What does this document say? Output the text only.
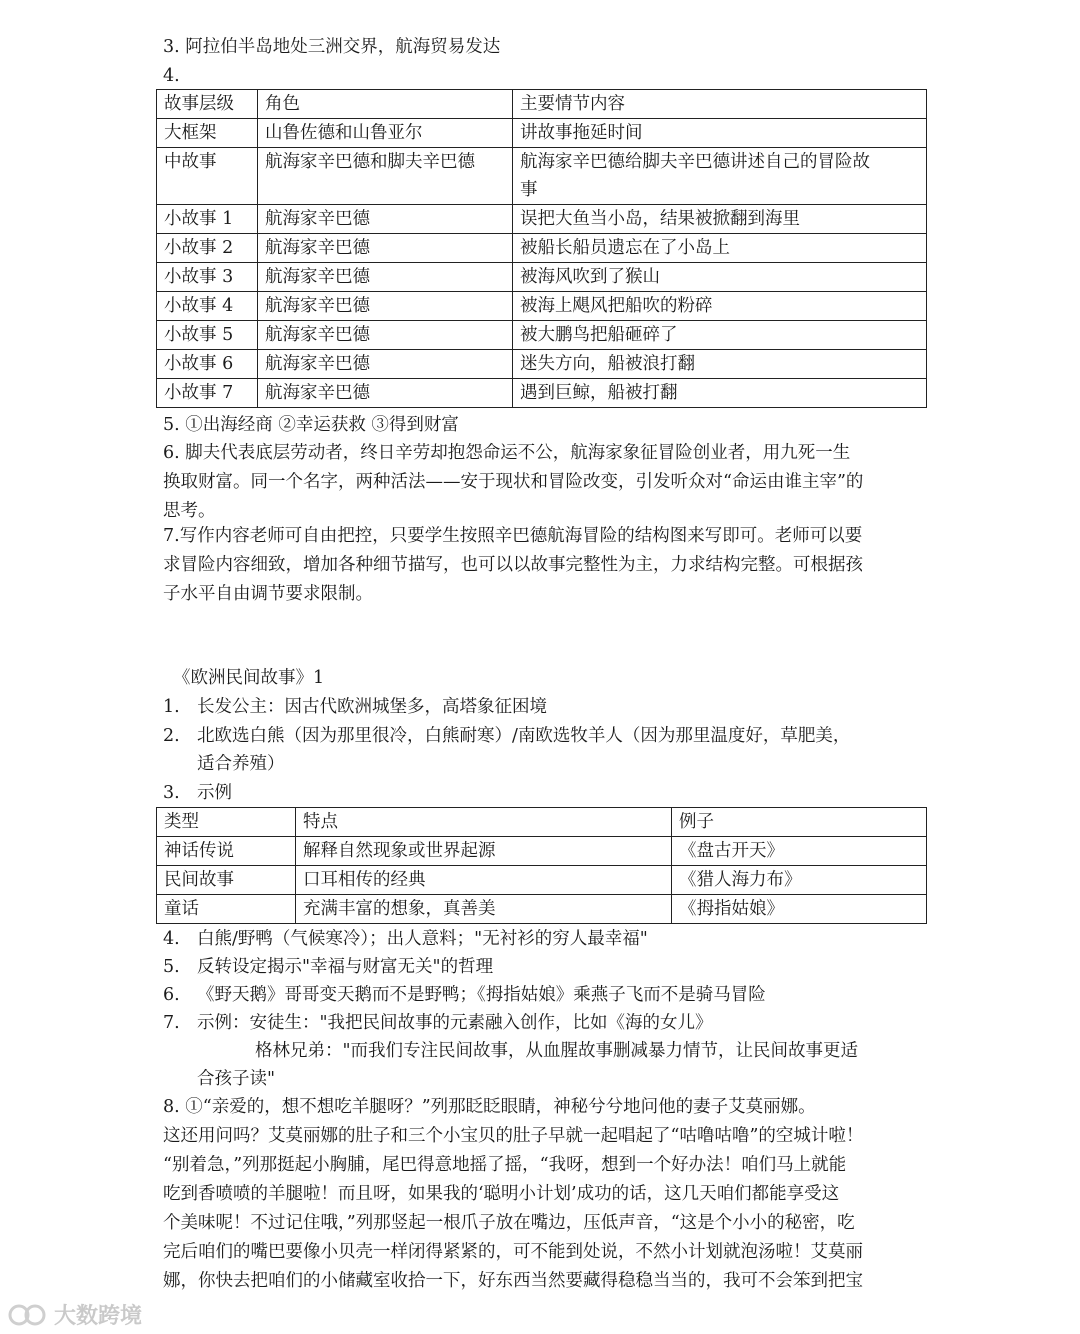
3. 阿拉伯半岛地处三洲交界，航海贸易发达
4.
故事层级	角色	主要情节内容
大框架	山鲁佐德和山鲁亚尔	讲故事拖延时间
中故事	航海家辛巴德和脚夫辛巴德	航海家辛巴德给脚夫辛巴德讲述自己的冒险故
事

小故事 1	航海家辛巴德	误把大鱼当小岛，结果被掀翻到海里
小故事 2	航海家辛巴德	被船长船员遗忘在了小岛上
小故事 3	航海家辛巴德	被海风吹到了猴山
小故事 4	航海家辛巴德	被海上飓风把船吹的粉碎
小故事 5	航海家辛巴德	被大鹏鸟把船砸碎了
小故事 6	航海家辛巴德	迷失方向，船被浪打翻
小故事 7	航海家辛巴德	遇到巨鲸，船被打翻
5. ①出海经商 ②幸运获救 ③得到财富

6. 脚夫代表底层劳动者，终日辛劳却抱怨命运不公，航海家象征冒险创业者，用九死一生

换取财富。同一个名字，两种活法——安于现状和冒险改变，引发听众对“命运由谁主宰”的

思考。

7.写作内容老师可自由把控，只要学生按照辛巴德航海冒险的结构图来写即可。老师可以要

求冒险内容细致，增加各种细节描写，也可以以故事完整性为主，力求结构完整。可根据孩

子水平自由调节要求限制。

《欧洲民间故事》1
1. 长发公主：因古代欧洲城堡多，高塔象征困境
2. 北欧选白熊（因为那里很冷，白熊耐寒）/南欧选牧羊人（因为那里温度好，草肥美，
适合养殖）
3. 示例
类型	特点	例子
神话传说	解释自然现象或世界起源	《盘古开天》
民间故事	口耳相传的经典	《猎人海力布》
童话	充满丰富的想象，真善美	《拇指姑娘》
4. 白熊/野鸭（气候寒冷）；出人意料；"无衬衫的穷人最幸福"
5. 反转设定揭示"幸福与财富无关"的哲理
6. 《野天鹅》哥哥变天鹅而不是野鸭；《拇指姑娘》乘燕子飞而不是骑马冒险
7. 示例：安徒生："我把民间故事的元素融入创作，比如《海的女儿》
格林兄弟："而我们专注民间故事，从血腥故事删减暴力情节，让民间故事更适
合孩子读"

8. ①“亲爱的，想不想吃羊腿呀？”列那眨眨眼睛，神秘兮兮地问他的妻子艾莫丽娜。

这还用问吗？艾莫丽娜的肚子和三个小宝贝的肚子早就一起唱起了“咕噜咕噜”的空城计啦！

“别着急，”列那挺起小胸脯，尾巴得意地摇了摇，“我呀，想到一个好办法！咱们马上就能

吃到香喷喷的羊腿啦！而且呀，如果我的‘聪明小计划’成功的话，这几天咱们都能享受这

个美味呢！不过记住哦，”列那竖起一根爪子放在嘴边，压低声音，“这是个小小的秘密，吃

完后咱们的嘴巴要像小贝壳一样闭得紧紧的，可不能到处说，不然小计划就泡汤啦！艾莫丽

娜，你快去把咱们的小储藏室收拾一下，好东西当然要藏得稳稳当当的，我可不会笨到把宝

大数跨境
